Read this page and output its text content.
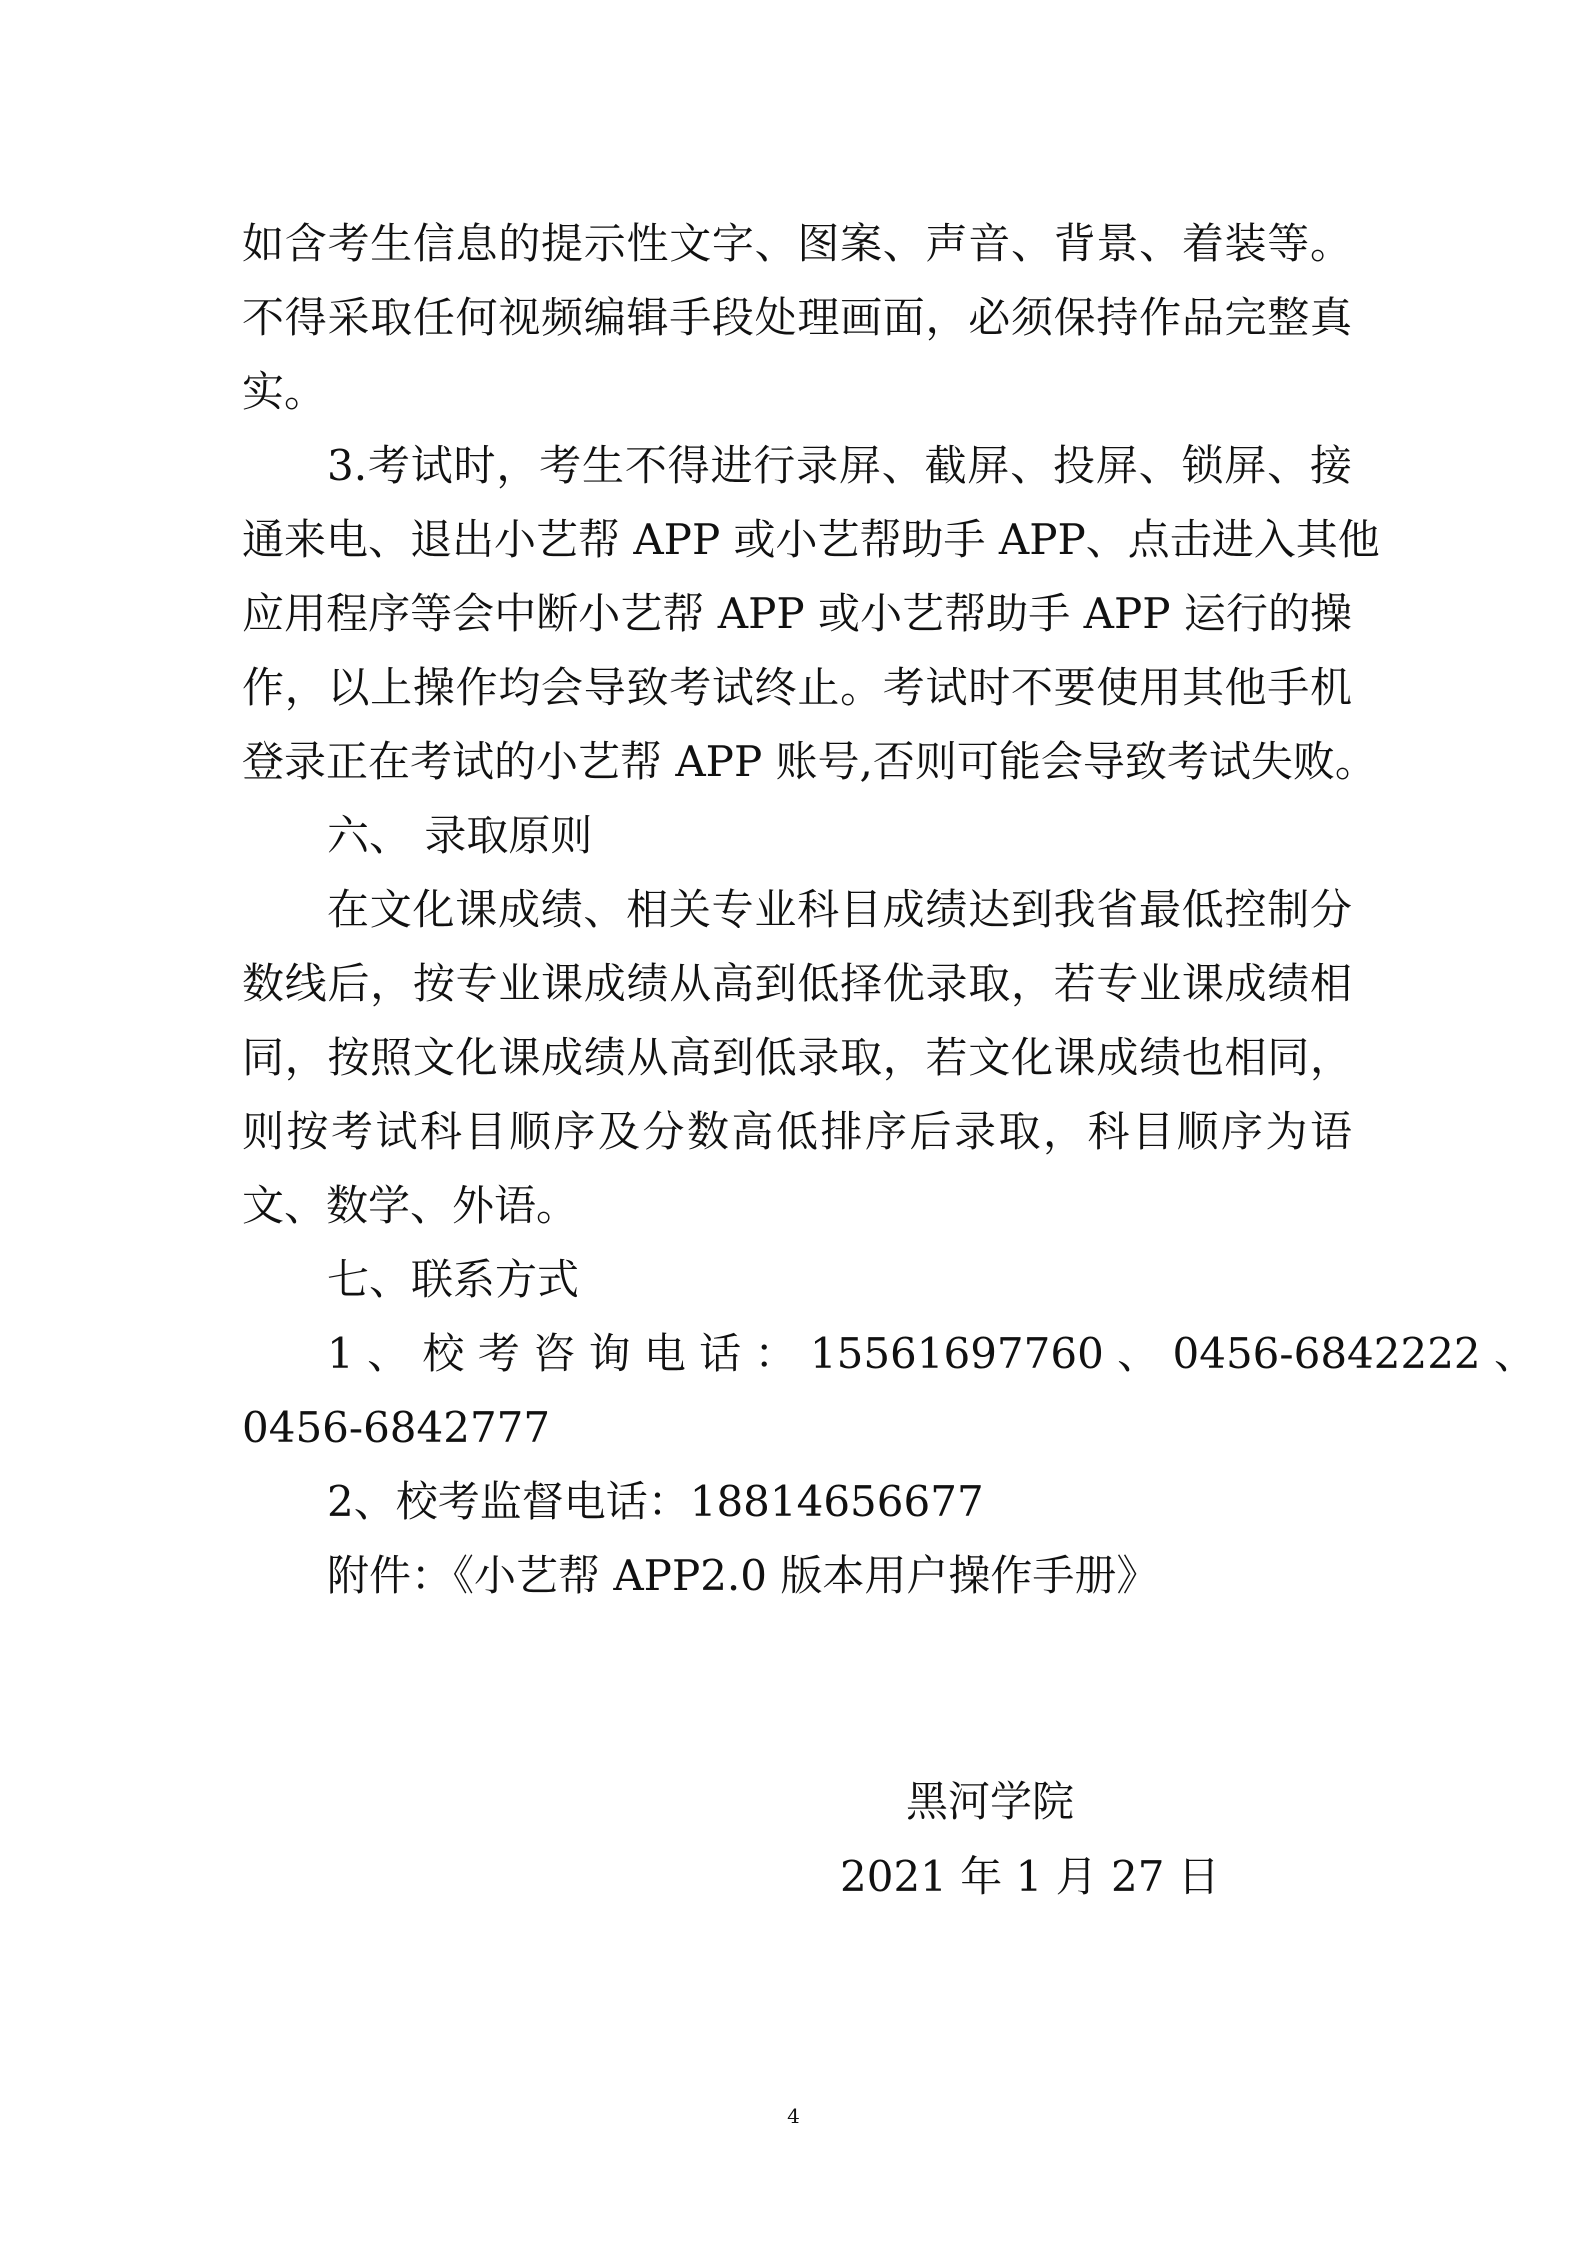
如含考生信息的提示性文字、图案、声音、背景、着装等。
不得采取任何视频编辑手段处理画面，必须保持作品完整真
实。
3.考试时，考生不得进行录屏、截屏、投屏、锁屏、接
通来电、退出小艺帮 APP 或小艺帮助手 APP、点击进入其他
应用程序等会中断小艺帮 APP 或小艺帮助手 APP 运行的操
作，以上操作均会导致考试终止。考试时不要使用其他手机
登录正在考试的小艺帮 APP 账号,否则可能会导致考试失败。
六、 录取原则
在文化课成绩、相关专业科目成绩达到我省最低控制分
数线后，按专业课成绩从高到低择优录取，若专业课成绩相
同，按照文化课成绩从高到低录取，若文化课成绩也相同，
则按考试科目顺序及分数高低排序后录取，科目顺序为语
文、数学、外语。
七、联系方式
1 、 校 考 咨 询 电 话 ： 15561697760 、 0456-6842222 、
0456-6842777
2、校考监督电话：18814656677
附件：《小艺帮 APP2.0 版本用户操作手册》
黑河学院
2021 年 1 月 27 日
4
